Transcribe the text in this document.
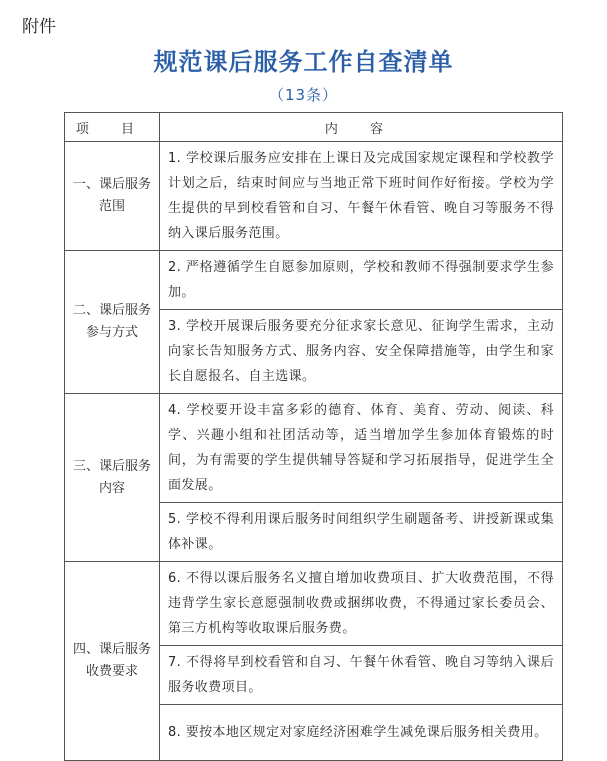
附件
规范课后服务工作自查清单
（13条）
项 目	内 容
一、课后服务范围	1. 学校课后服务应安排在上课日及完成国家规定课程和学校教学计划之后，结束时间应与当地正常下班时间作好衔接。学校为学生提供的早到校看管和自习、午餐午休看管、晚自习等服务不得纳入课后服务范围。
二、课后服务参与方式	2. 严格遵循学生自愿参加原则，学校和教师不得强制要求学生参加。
	3. 学校开展课后服务要充分征求家长意见、征询学生需求，主动向家长告知服务方式、服务内容、安全保障措施等，由学生和家长自愿报名、自主选课。
三、课后服务内容	4. 学校要开设丰富多彩的德育、体育、美育、劳动、阅读、科学、兴趣小组和社团活动等，适当增加学生参加体育锻炼的时间，为有需要的学生提供辅导答疑和学习拓展指导，促进学生全面发展。
	5. 学校不得利用课后服务时间组织学生刷题备考、讲授新课或集体补课。
四、课后服务收费要求	6. 不得以课后服务名义擅自增加收费项目、扩大收费范围，不得违背学生家长意愿强制收费或捆绑收费，不得通过家长委员会、第三方机构等收取课后服务费。
	7. 不得将早到校看管和自习、午餐午休看管、晚自习等纳入课后服务收费项目。
	8. 要按本地区规定对家庭经济困难学生减免课后服务相关费用。
